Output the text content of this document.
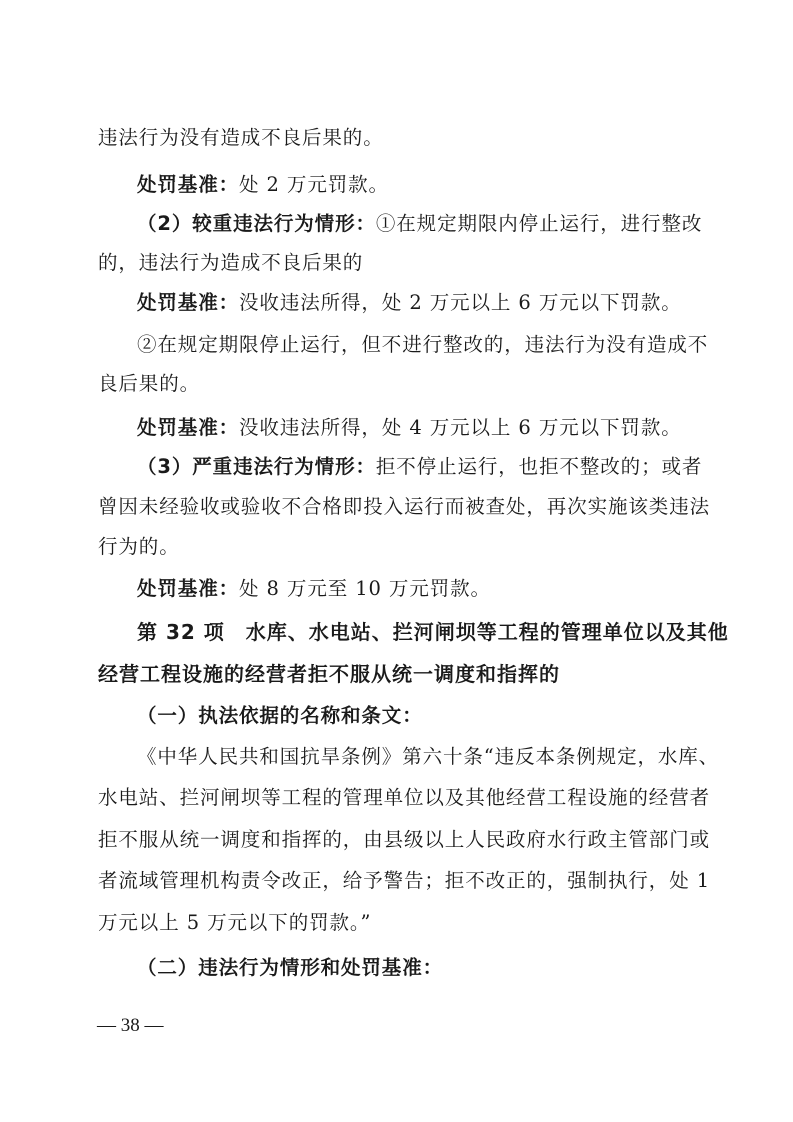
违法行为没有造成不良后果的。
处罚基准：处 2 万元罚款。
（2）较重违法行为情形：①在规定期限内停止运行，进行整改
的，违法行为造成不良后果的
处罚基准：没收违法所得，处 2 万元以上 6 万元以下罚款。
②在规定期限停止运行，但不进行整改的，违法行为没有造成不
良后果的。
处罚基准：没收违法所得，处 4 万元以上 6 万元以下罚款。
（3）严重违法行为情形：拒不停止运行，也拒不整改的；或者
曾因未经验收或验收不合格即投入运行而被查处，再次实施该类违法
行为的。
处罚基准：处 8 万元至 10 万元罚款。
第 32 项　水库、水电站、拦河闸坝等工程的管理单位以及其他
经营工程设施的经营者拒不服从统一调度和指挥的
（一）执法依据的名称和条文：
《中华人民共和国抗旱条例》第六十条“违反本条例规定，水库、
水电站、拦河闸坝等工程的管理单位以及其他经营工程设施的经营者
拒不服从统一调度和指挥的，由县级以上人民政府水行政主管部门或
者流域管理机构责令改正，给予警告；拒不改正的，强制执行，处 1
万元以上 5 万元以下的罚款。”
（二）违法行为情形和处罚基准：
— 38 —
